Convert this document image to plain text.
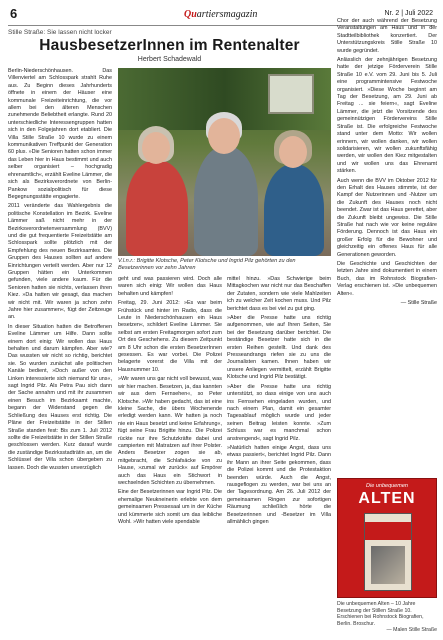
6	Quartiersmagazin	Nr. 2 | Juli 2022
Stille Straße: Sie lassen nicht locker
HausbesetzerInnen im Rentenalter
Herbert Schadewald

Berlin-Niederschönhausen. Das Villenviertel am Schlosspark strahlt Ruhe aus. Zu Beginn dieses Jahrhunderts öffnete in einem der Häuser eine kommunale Freizeiteinrichtung, die vor allem bei den älteren Menschen zunehmende Beliebtheit erlangte. Rund 20 unterschiedliche Interessengruppen hatten sich in den Folgejahren dort etabliert. Die Villa Stille Straße 10 wurde zu einem kommunikativen Treffpunkt der Generation 60 plus. »Die Senioren hatten schon immer das Leben hier in Haus bestimmt und auch selber organisiert – hochgradig ehrenamtlich«, erzählt Eveline Lämmer, die sich als Bezirksverordnete von Berlin-Pankow sozialpolitisch für diese Begegnungsstätte engagierte.

2011 veränderte das Wahlergebnis die politische Konstellation im Bezirk. Eveline Lämmer saß nicht mehr in der Bezirksverordnetenversammlung (BVV) und die gut frequentierte Freizeitstätte am Schlosspark sollte plötzlich mit der Empfehlung des neuen Bezirksamtes. Die Gruppen des Hauses sollten auf andere Einrichtungen verteilt werden. Aber nur 12 Gruppen hätten ein Unterkommen gefunden, viele andere kaum. Für die Senioren hatten sie nichts, verlassen ihren Kiez. »Da hatten wir gesagt, das machen wir nicht mit. Wir waren ja schon zehn Jahre hier zusammen«, fügt der Zeitzeuge an.

In dieser Situation hatten die Betroffenen Eveline Lämmer um Hilfe. Dann sollte einem dort einig: Wir wollen das Haus behalten und darum kämpfen. Aber wie? Das wussten wir nicht so richtig, berichtet sie. So wurden zunächst alle politischen Kanäle bedient, »Doch außer von den Linken interessierte sich niemand für uns«, sagt Ingrid Pilz. Als Petra Pau sich dann der Sache annahm und mit ihr zusammen einen Besuch im Bezirksamt machte, begann der Widerstand gegen die Schließung des Hauses erst richtig. Die Pläne der Freizeitstätte in der Stillen Straße standen fest: Bis zum 1. Juli 2012 sollte die Freizeitstätte in der Stillen Straße geschlossen werden. Kurz darauf wurde die zuständige Bezirksstadträtin an, um die Schlüssel der Villa schon übergeben zu lassen. Doch die wussten unverzüglich

V.l.n.r.: Brigitte Klotsche, Peter Klotsche und Ingrid Pilz gehörten zu den Besetzerinnen vor zehn Jahren

geht und was passieren wird. Doch alle waren sich einig: Wir wollen das Haus behalten und kämpfen!

Freitag, 29. Juni 2012: »Es war beim Frühstück und hinter im Radio, dass die Leute in Niederschönhausen ein Haus besetzen«, schildert Eveline Lämmer. Sie selbst am ersten Freitagmorgen sofort zum Ort des Geschehens. Zu diesem Zeitpunkt am 8 Uhr schon die ersten BesetzerInnen gesessen. Es war vorbei. Die Polizei belagerte vorerst die Villa mit der Hausnummer 10.

»Wir waren uns gar nicht voll bewusst, was wir hier machen. Besetzen, ja, das kannten wir aus dem Fernsehen«, so Peter Klotsche. »Wir haben gedacht, das ist eine kleine Sache, die übers Wochenende erledigt werden kann. Wir hatten ja noch nie ein Haus besetzt und keine Erfahrung«, fügt seine Frau Brigitte hinzu. Die Polizei rückte nur ihre Schutzkräfte dabei und campierten mit Matratzen auf ihrer Polster. Anders Besetzer zogen sie ab, mitgebracht, die Schlafsäcke von zu Hause, »zumal wir zurück« auf Empörer auch das Haus ein Stichwort in wechselnden Schichten zu übernehmen.

Eine der Besetzerinnen war Ingrid Pilz. Die ehemalige Neukneinerin erlebte von dem gemeinsamen Pressesaal um in der Küche und kümmerte sich somit um das leibliche Wohl. »Wir hatten viele spendable

mittel hinzu. »Das Schwierige beim Mittagkochen war nicht nur das Beschaffen der Zutaten, sondern wie viele Mahlzeiten ich zu welcher Zeit kochen muss. Und Pilz berichtet dass es bei viel zu gut ging.

»Aber die Presse hatte uns richtig aufgenommen, wie auf Ihren Seiten, Sie bei der Besetzung darüber berichtet. Die beständige Besetzer hatte sich in die ersten Reihen gestellt. Und dank des Presseandrangs riefen sie zu uns die Journalisten kamen. Ihnen haben wir unsere Anliegen vermittelt, erzählt Brigitte Klotsche und Ingrid Pilz bestätigt.

»Aber die Presse hatte uns richtig unterstützt, so dass einige von uns auch ins Fernsehen eingeladen wurden, und nach einem Plan, damit ein gesamter Tagesablauf möglich wurde und jeder seinen Beitrag leisten konnte. »Zum Schluss war es manchmal schon anstrengend«, sagt Ingrid Pilz.

»Natürlich hatten einige Angst, dass uns etwas passiert«, berichtet Ingrid Pilz. Dann ihr Mann an ihrer Seite gekommen, dass die Polizei kommt und die Protestaktion beenden würde. Auch die Angst, rausgeflogen zu werden, war bei uns an der Tagesordnung. Am 26. Juli 2012 der gemeinsamen Ringen zur sofortigen Räumung schließlich hörte die Besetzerinnen und -Besetzer im Villa allmählich gingen

Chor der auch während der Besetzung Veranstaltungen am Haus und in der Stadtteilbibliothek konzertiert. Der Unterstützungskreis Stille Straße 10 wurde gegründet.

Anlässlich der zehnjährigen Besetzung hatte der jetzige Förderverein Stille Straße 10 e.V. vom 29. Juni bis 5. Juli eine programmintensive Festwoche organisiert. »Diese Woche beginnt am Tag der Besetzung, am 29. Juni ab Freitag ... sie feiern«, sagt Eveline Lämmer, die jetzt die Vorsitzende des gemeinnützigen Fördervereins Stille Straße ist. Die erfolgreiche Festwoche stand unter dem Motto: Wir wollen erinnern, wir wollen danken, wir wollen solidarisieren, wir wollen zukunftsfähig werden, wir wollen den Kiez mitgestalten und wir wollen uns das Ehrenamt stärken.

Auch wenn die BVV im Oktober 2012 für den Erhalt des Hauses stimmte, ist der Kampf der Nutzerinnen und -Nutzer um die Zukunft des Hauses noch nicht beendet. Zwar ist das Haus gerettet, aber die Zukunft bleibt ungewiss. Die Stille Straße hat nach wie vor keine reguläre Förderung. Dennoch ist das Haus ein großer Erfolg für die Bewohner und gleichzeitig ein offenes Haus für alle Generationen geworden.

Die Geschichte und Geschichten der letzten Jahre sind dokumentiert in einem Buch, das im Rohnstock Biografien-Verlag erschienen ist. »Die unbequemen Alten«.

— Stille Straße

Die unbequemen
ALTEN
Die unbequemen Alten – 10 Jahre Besetzung der Stillen Straße 10. Erschienen bei Rohnstock Biografien, Berlin. Broschur.
— Malen Stille Straße
